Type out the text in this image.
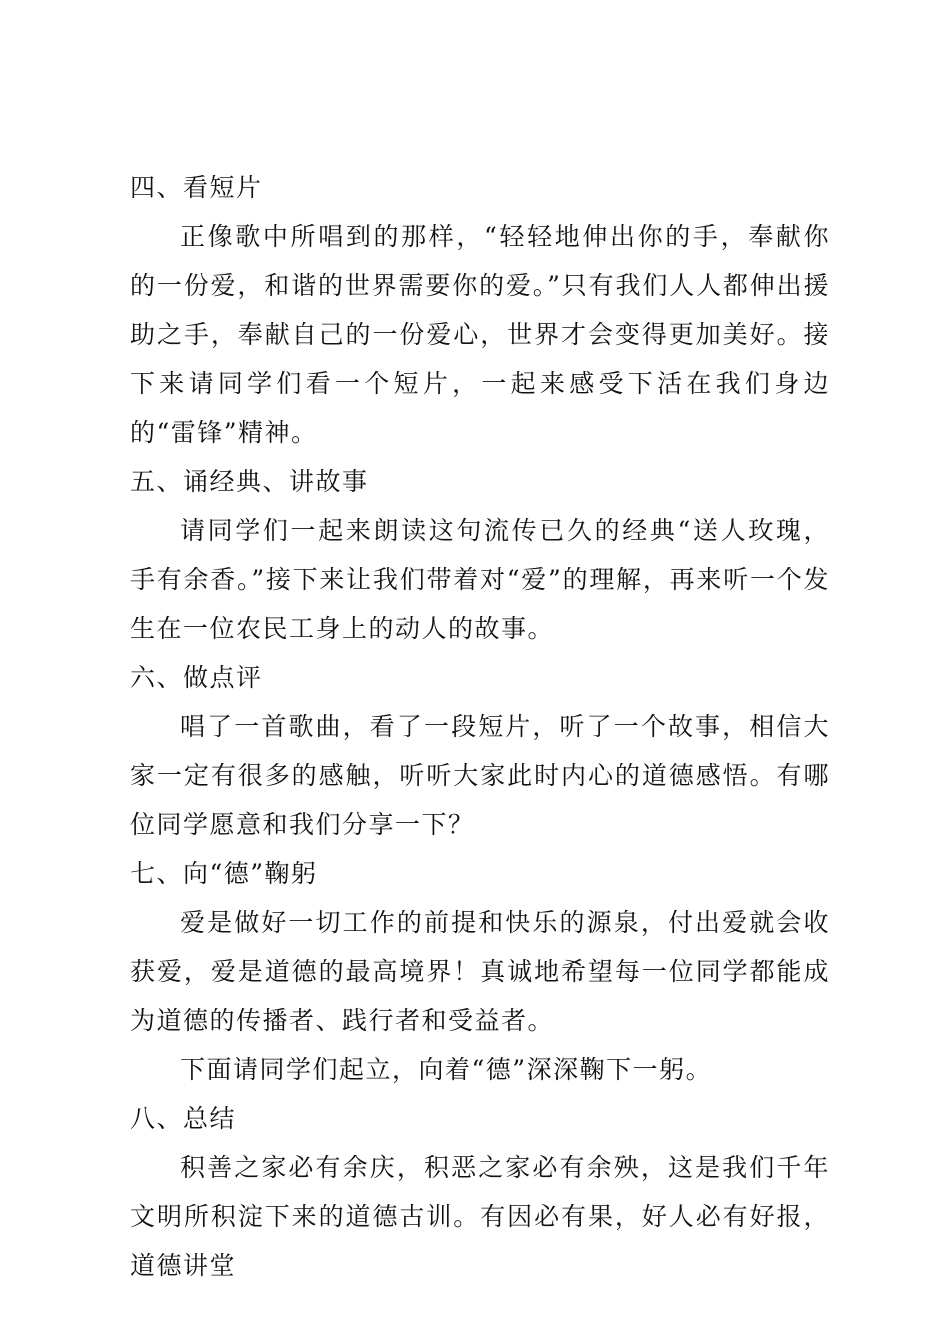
四、看短片

正像歌中所唱到的那样，“轻轻地伸出你的手，奉献你的一份爱，和谐的世界需要你的爱。”只有我们人人都伸出援助之手，奉献自己的一份爱心，世界才会变得更加美好。接下来请同学们看一个短片，一起来感受下活在我们身边的“雷锋”精神。

五、诵经典、讲故事

请同学们一起来朗读这句流传已久的经典“送人玫瑰，手有余香。”接下来让我们带着对“爱”的理解，再来听一个发生在一位农民工身上的动人的故事。

六、做点评

唱了一首歌曲，看了一段短片，听了一个故事，相信大家一定有很多的感触，听听大家此时内心的道德感悟。有哪位同学愿意和我们分享一下？

七、向“德”鞠躬

爱是做好一切工作的前提和快乐的源泉，付出爱就会收获爱，爱是道德的最高境界！真诚地希望每一位同学都能成为道德的传播者、践行者和受益者。

下面请同学们起立，向着“德”深深鞠下一躬。

八、总结

积善之家必有余庆，积恶之家必有余殃，这是我们千年文明所积淀下来的道德古训。有因必有果，好人必有好报，道德讲堂
